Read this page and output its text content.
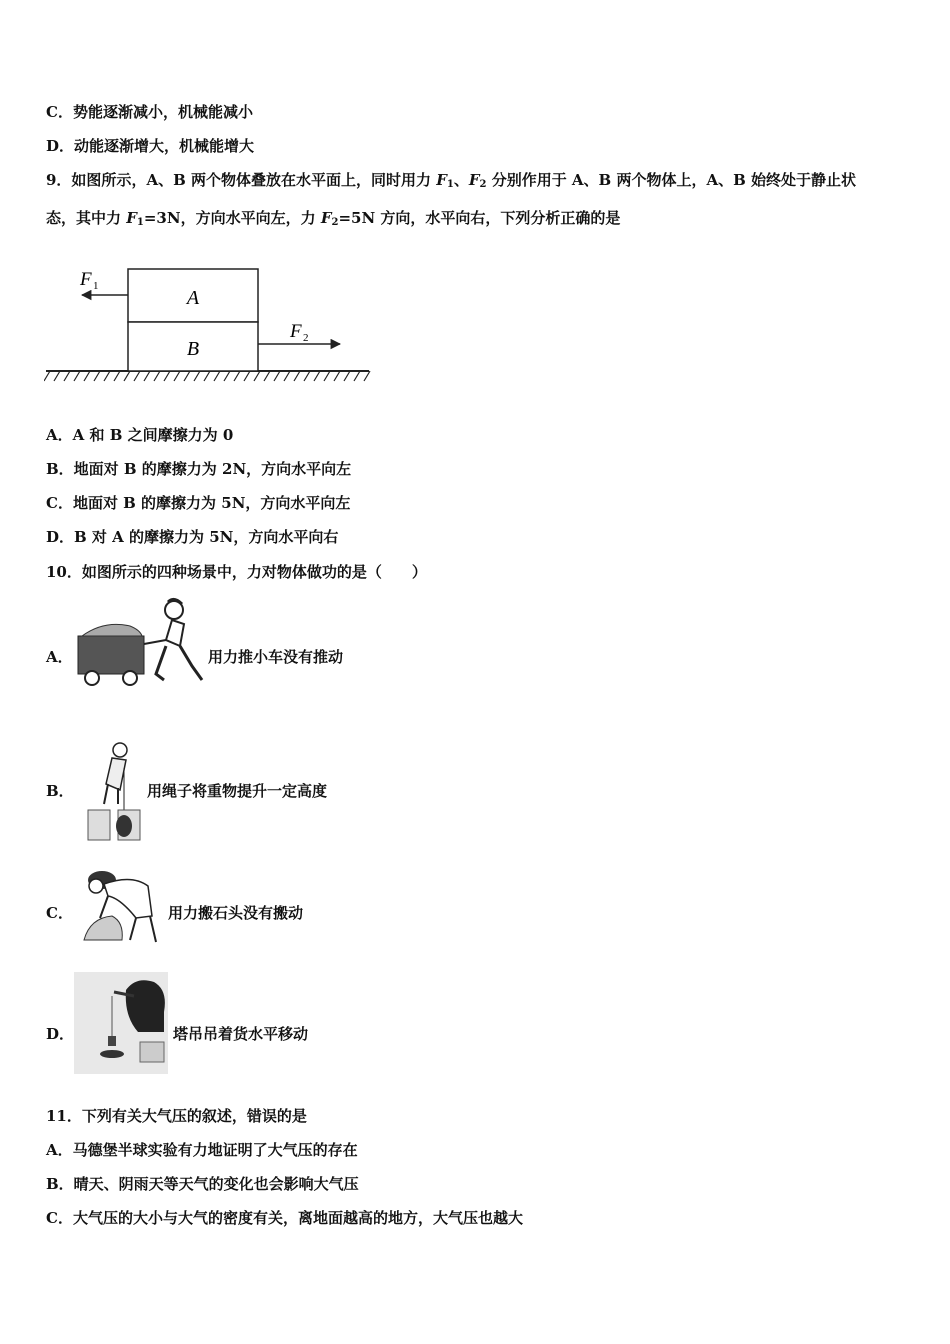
C．势能逐渐减小，机械能减小
D．动能逐渐增大，机械能增大
9．如图所示，A、B 两个物体叠放在水平面上，同时用力 $F_1$、$F_2$ 分别作用于 A、B 两个物体上，A、B 始终处于静止状
态，其中力 $F_1=3N$，方向水平向左，力 $F_2=5N$ 方向，水平向右，下列分析正确的是
A
B
F 1
F 2
A．A 和 B 之间摩擦力为 0
B．地面对 B 的摩擦力为 2N，方向水平向左
C．地面对 B 的摩擦力为 5N，方向水平向左
D．B 对 A 的摩擦力为 5N，方向水平向右
10．如图所示的四种场景中，力对物体做功的是（　　）
A．	用力推小车没有推动
B．	用绳子将重物提升一定高度
C．	用力搬石头没有搬动
D．	塔吊吊着货水平移动
11．下列有关大气压的叙述，错误的是
A．马德堡半球实验有力地证明了大气压的存在
B．晴天、阴雨天等天气的变化也会影响大气压
C．大气压的大小与大气的密度有关，离地面越高的地方，大气压也越大
